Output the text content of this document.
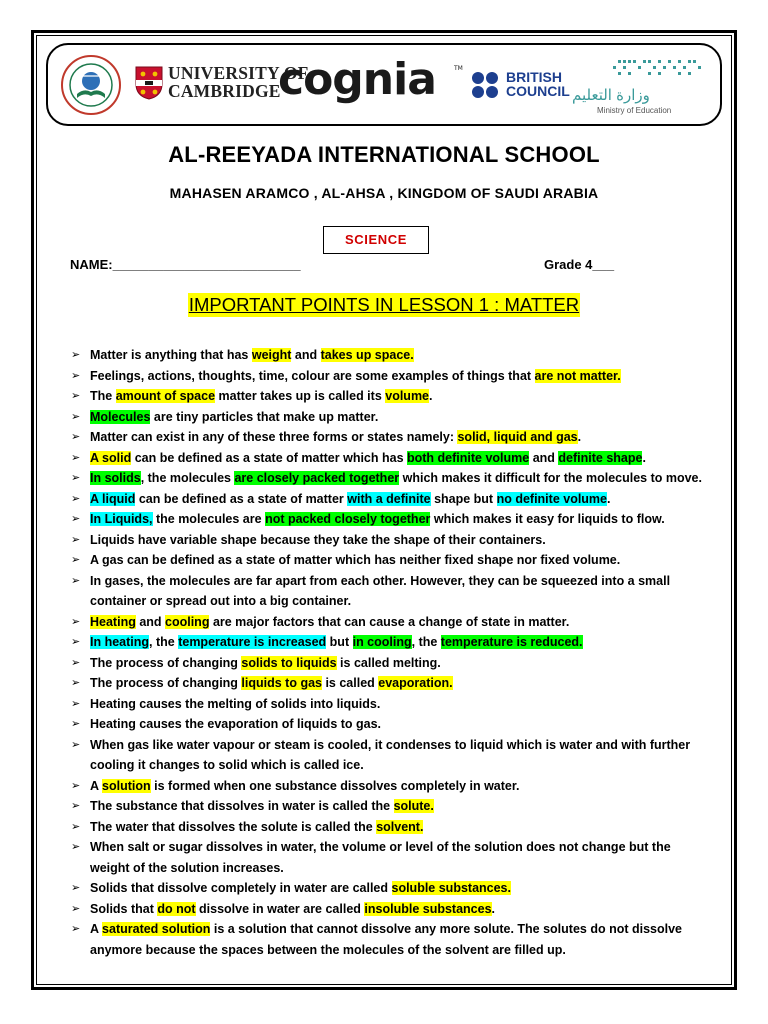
UNIVERSITY OF
CAMBRIDGE
cognia	TM
BRITISH
COUNCIL وزارة التعليم
Ministry of Education
AL-REEYADA INTERNATIONAL SCHOOL
MAHASEN ARAMCO , AL-AHSA , KINGDOM OF SAUDI ARABIA
SCIENCE
NAME:__________________________	Grade 4___
IMPORTANT POINTS IN LESSON 1 : MATTER
➢ Matter is anything that has weight and takes up space.
➢ Feelings, actions, thoughts, time, colour are some examples of things that are not matter.
➢ The amount of space matter takes up is called its volume.
➢ Molecules are tiny particles that make up matter.
➢ Matter can exist in any of these three forms or states namely: solid, liquid and gas.
➢ A solid can be defined as a state of matter which has both definite volume and definite shape.
➢ In solids, the molecules are closely packed together which makes it difficult for the molecules to move.
➢ A liquid can be defined as a state of matter with a definite shape but no definite volume.
➢ In Liquids, the molecules are not packed closely together which makes it easy for liquids to flow.
➢ Liquids have variable shape because they take the shape of their containers.
➢ A gas can be defined as a state of matter which has neither fixed shape nor fixed volume.
➢ In gases, the molecules are far apart from each other. However, they can be squeezed into a small container or spread out into a big container.
➢ Heating and cooling are major factors that can cause a change of state in matter.
➢ In heating, the temperature is increased but in cooling, the temperature is reduced.
➢ The process of changing solids to liquids is called melting.
➢ The process of changing liquids to gas is called evaporation.
➢ Heating causes the melting of solids into liquids.
➢ Heating causes the evaporation of liquids to gas.
➢ When gas like water vapour or steam is cooled, it condenses to liquid which is water and with further cooling it changes to solid which is called ice.
➢ A solution is formed when one substance dissolves completely in water.
➢ The substance that dissolves in water is called the solute.
➢ The water that dissolves the solute is called the solvent.
➢ When salt or sugar dissolves in water, the volume or level of the solution does not change but the weight of the solution increases.
➢ Solids that dissolve completely in water are called soluble substances.
➢ Solids that do not dissolve in water are called insoluble substances.
➢ A saturated solution is a solution that cannot dissolve any more solute. The solutes do not dissolve anymore because the spaces between the molecules of the solvent are filled up.
